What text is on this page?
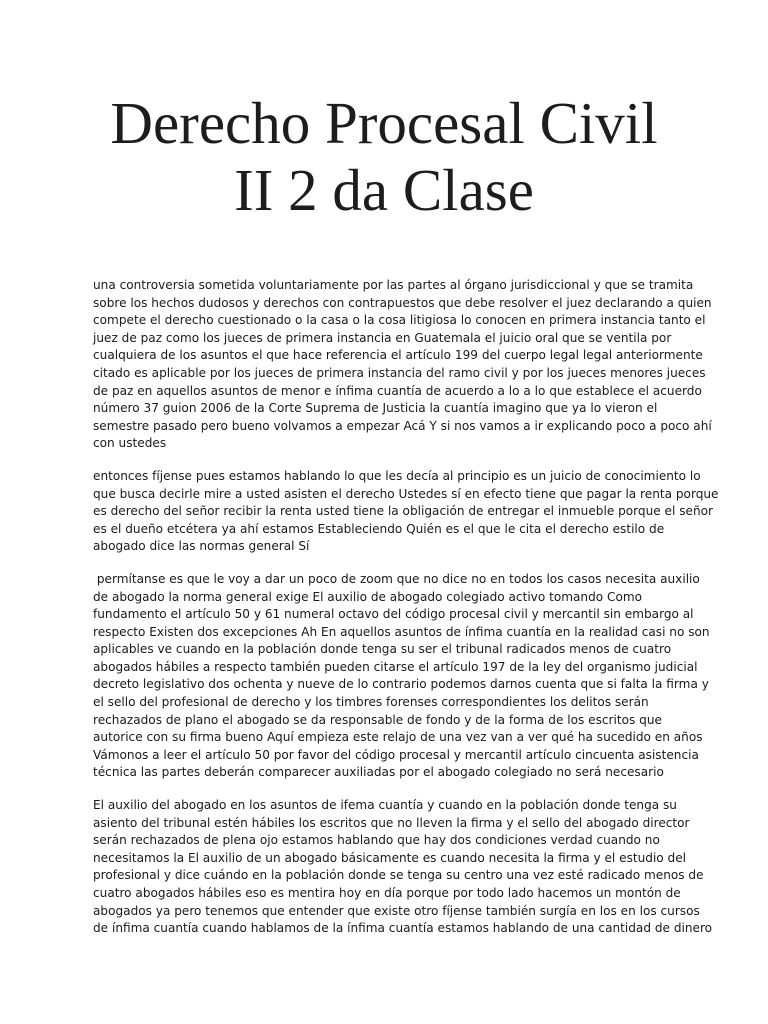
Derecho Procesal Civil
II 2 da Clase

una controversia sometida voluntariamente por las partes al órgano jurisdiccional y que se tramita
sobre los hechos dudosos y derechos con contrapuestos que debe resolver el juez declarando a quien
compete el derecho cuestionado o la casa o la cosa litigiosa lo conocen en primera instancia tanto el
juez de paz como los jueces de primera instancia en Guatemala el juicio oral que se ventila por
cualquiera de los asuntos el que hace referencia el artículo 199 del cuerpo legal legal anteriormente
citado es aplicable por los jueces de primera instancia del ramo civil y por los jueces menores jueces
de paz en aquellos asuntos de menor e ínfima cuantía de acuerdo a lo a lo que establece el acuerdo
número 37 guion 2006 de la Corte Suprema de Justicia la cuantía imagino que ya lo vieron el
semestre pasado pero bueno volvamos a empezar Acá Y si nos vamos a ir explicando poco a poco ahí
con ustedes

entonces fíjense pues estamos hablando lo que les decía al principio es un juicio de conocimiento lo
que busca decirle mire a usted asisten el derecho Ustedes sí en efecto tiene que pagar la renta porque
es derecho del señor recibir la renta usted tiene la obligación de entregar el inmueble porque el señor
es el dueño etcétera ya ahí estamos Estableciendo Quién es el que le cita el derecho estilo de
abogado dice las normas general Sí

permítanse es que le voy a dar un poco de zoom que no dice no en todos los casos necesita auxilio
de abogado la norma general exige El auxilio de abogado colegiado activo tomando Como
fundamento el artículo 50 y 61 numeral octavo del código procesal civil y mercantil sin embargo al
respecto Existen dos excepciones Ah En aquellos asuntos de ínfima cuantía en la realidad casi no son
aplicables ve cuando en la población donde tenga su ser el tribunal radicados menos de cuatro
abogados hábiles a respecto también pueden citarse el artículo 197 de la ley del organismo judicial
decreto legislativo dos ochenta y nueve de lo contrario podemos darnos cuenta que si falta la firma y
el sello del profesional de derecho y los timbres forenses correspondientes los delitos serán
rechazados de plano el abogado se da responsable de fondo y de la forma de los escritos que
autorice con su firma bueno Aquí empieza este relajo de una vez van a ver qué ha sucedido en años
Vámonos a leer el artículo 50 por favor del código procesal y mercantil artículo cincuenta asistencia
técnica las partes deberán comparecer auxiliadas por el abogado colegiado no será necesario

El auxilio del abogado en los asuntos de ifema cuantía y cuando en la población donde tenga su
asiento del tribunal estén hábiles los escritos que no lleven la firma y el sello del abogado director
serán rechazados de plena ojo estamos hablando que hay dos condiciones verdad cuando no
necesitamos la El auxilio de un abogado básicamente es cuando necesita la firma y el estudio del
profesional y dice cuándo en la población donde se tenga su centro una vez esté radicado menos de
cuatro abogados hábiles eso es mentira hoy en día porque por todo lado hacemos un montón de
abogados ya pero tenemos que entender que existe otro fíjense también surgía en los en los cursos
de ínfima cuantía cuando hablamos de la ínfima cuantía estamos hablando de una cantidad de dinero
